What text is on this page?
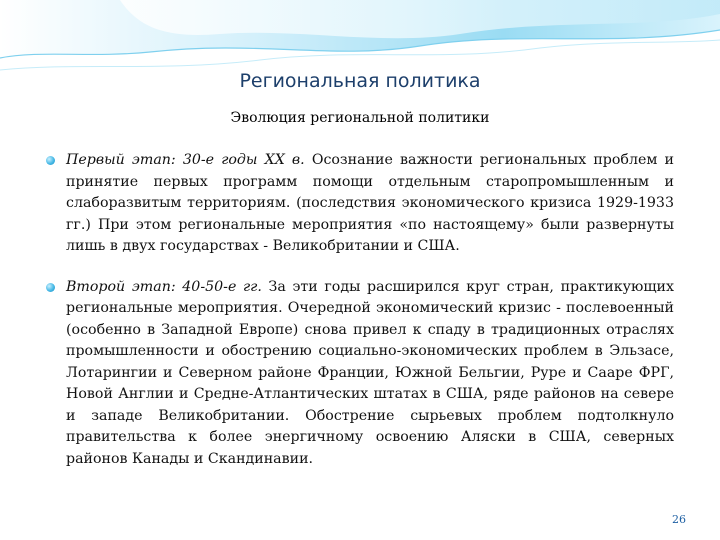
Региональная политика
Эволюция региональной политики
Первый этап: 30-е годы XX в. Осознание важности региональных проблем и принятие первых программ помощи отдельным старопромышленным и слаборазвитым территориям. (последствия экономического кризиса 1929-1933 гг.) При этом региональные мероприятия «по настоящему» были развернуты лишь в двух государствах - Великобритании и США.
Второй этап: 40-50-е гг. За эти годы расширился круг стран, практикующих региональные мероприятия. Очередной экономический кризис - послевоенный (особенно в Западной Европе) снова привел к спаду в традиционных отраслях промышленности и обострению социально-экономических проблем в Эльзасе, Лотарингии и Северном районе Франции, Южной Бельгии, Руре и Сааре ФРГ, Новой Англии и Средне-Атлантических штатах в США, ряде районов на севере и западе Великобритании. Обострение сырьевых проблем подтолкнуло правительства к более энергичному освоению Аляски в США, северных районов Канады и Скандинавии.
26
